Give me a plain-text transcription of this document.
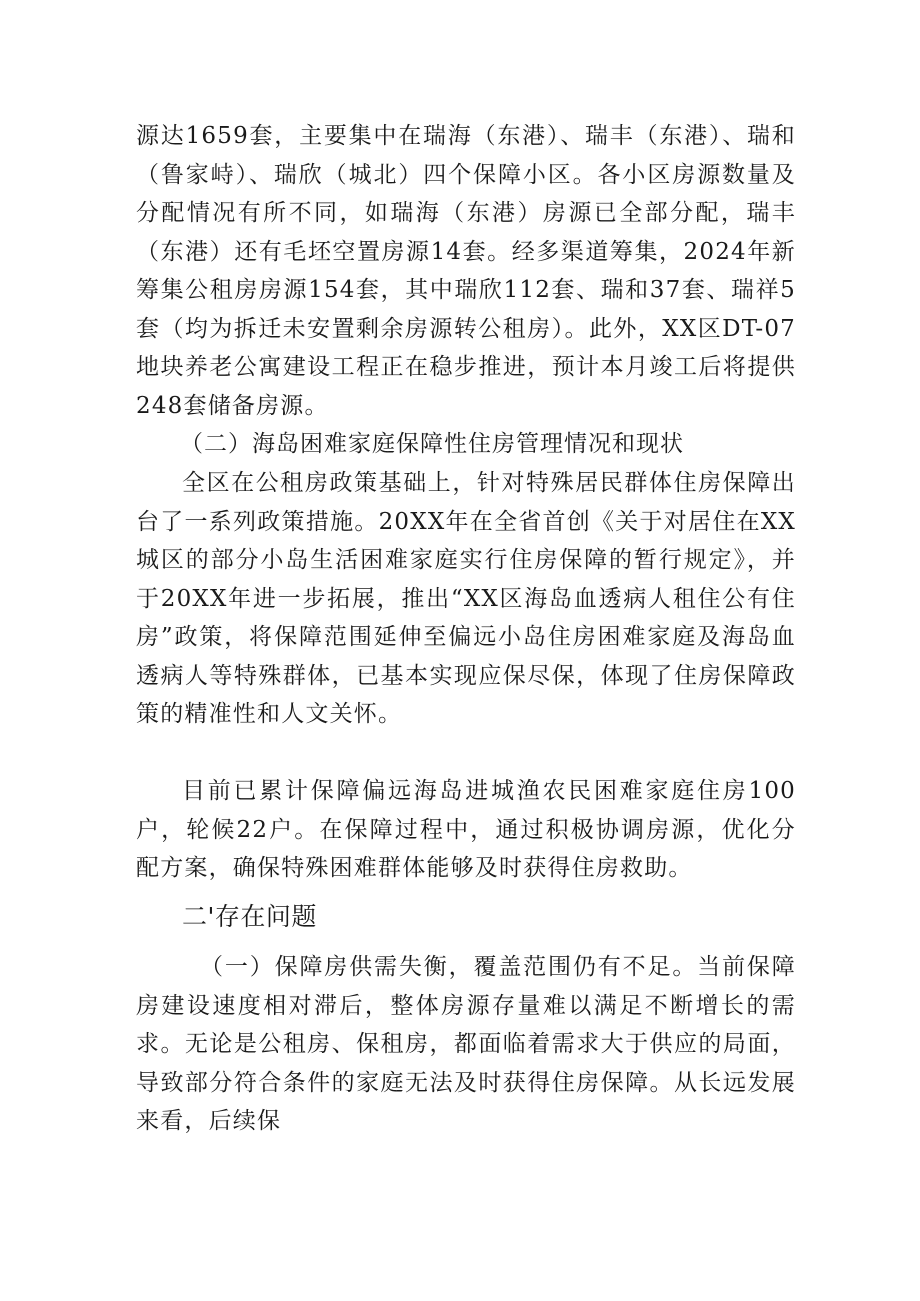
源达1659套，主要集中在瑞海（东港）、瑞丰（东港）、瑞和（鲁家峙）、瑞欣（城北）四个保障小区。各小区房源数量及分配情况有所不同，如瑞海（东港）房源已全部分配，瑞丰（东港）还有毛坯空置房源14套。经多渠道筹集，2024年新筹集公租房房源154套，其中瑞欣112套、瑞和37套、瑞祥5套（均为拆迁未安置剩余房源转公租房）。此外，XX区DT-07地块养老公寓建设工程正在稳步推进，预计本月竣工后将提供248套储备房源。

（二）海岛困难家庭保障性住房管理情况和现状

全区在公租房政策基础上，针对特殊居民群体住房保障出台了一系列政策措施。20XX年在全省首创《关于对居住在XX城区的部分小岛生活困难家庭实行住房保障的暂行规定》，并于20XX年进一步拓展，推出“XX区海岛血透病人租住公有住房”政策，将保障范围延伸至偏远小岛住房困难家庭及海岛血透病人等特殊群体，已基本实现应保尽保，体现了住房保障政策的精准性和人文关怀。

目前已累计保障偏远海岛进城渔农民困难家庭住房100户，轮候22户。在保障过程中，通过积极协调房源，优化分配方案，确保特殊困难群体能够及时获得住房救助。

二'存在问题

（一）保障房供需失衡，覆盖范围仍有不足。当前保障房建设速度相对滞后，整体房源存量难以满足不断增长的需求。无论是公租房、保租房，都面临着需求大于供应的局面，导致部分符合条件的家庭无法及时获得住房保障。从长远发展来看，后续保
